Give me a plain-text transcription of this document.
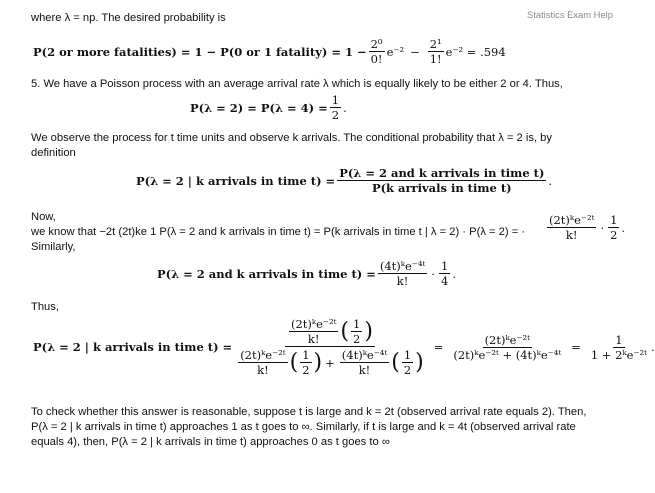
Statistics Exam Help
where λ = np. The desired probability is
P(2 or more fatalities) = 1 − P(0 or 1 fatality) = $1 - \frac{\text{2⁰}}{0!} e^{-2} - \frac{\text{2¹}}{1!} e^{-2} = .594$
5. We have a Poisson process with an average arrival rate λ which is equally likely to be either 2 or 4. Thus,
$P(\lambda = 2) = P(\lambda = 4) = \frac{1}{2}$ .
We observe the process for t time units and observe k arrivals. The conditional probability that λ = 2 is, by
definition
P(λ = 2 | k arrivals in time $t) = \frac{\text{P(λ = 2 and k arrivals in time t)}}{\text{P(k arrivals in time t)}}$ .
Now,
we know that −2t (2t)ke 1 P(λ = 2 and k arrivals in time t) = P(k arrivals in time t | λ = 2) · P(λ = 2) = ·
Similarly,
$\frac{\text{(2t)ᵏe⁻²ᵗ}}{k!} \cdot \frac{1}{2}$ .
P(λ = 2 and k arrivals in time $t) = \frac{\text{(4t)ᵏe⁻⁴ᵗ}}{k!} \cdot \frac{1}{4}$ .
Thus,
P(λ = 2 | k arrivals in time t) =
$\frac{\text{(2t)ᵏe⁻²ᵗ}}{k!}$ ( $\frac{1}{2}$ )
$\frac{\text{(2t)ᵏe⁻²ᵗ}}{k!}$ ( $\frac{1}{2}$ ) + $\frac{\text{(4t)ᵏe⁻⁴ᵗ}}{k!}$ ( $\frac{1}{2}$ )
= $\frac{\text{(2t)ᵏe⁻²ᵗ}}{\text{(2t)ᵏe⁻²ᵗ + (4t)ᵏe⁻⁴ᵗ}} = \frac{1}{\text{1 + 2ᵏe⁻²ᵗ}}$ .
To check whether this answer is reasonable, suppose t is large and k = 2t (observed arrival rate equals 2). Then,
P(λ = 2 | k arrivals in time t) approaches 1 as t goes to ∞. Similarly, if t is large and k = 4t (observed arrival rate
equals 4), then, P(λ = 2 | k arrivals in time t) approaches 0 as t goes to ∞
